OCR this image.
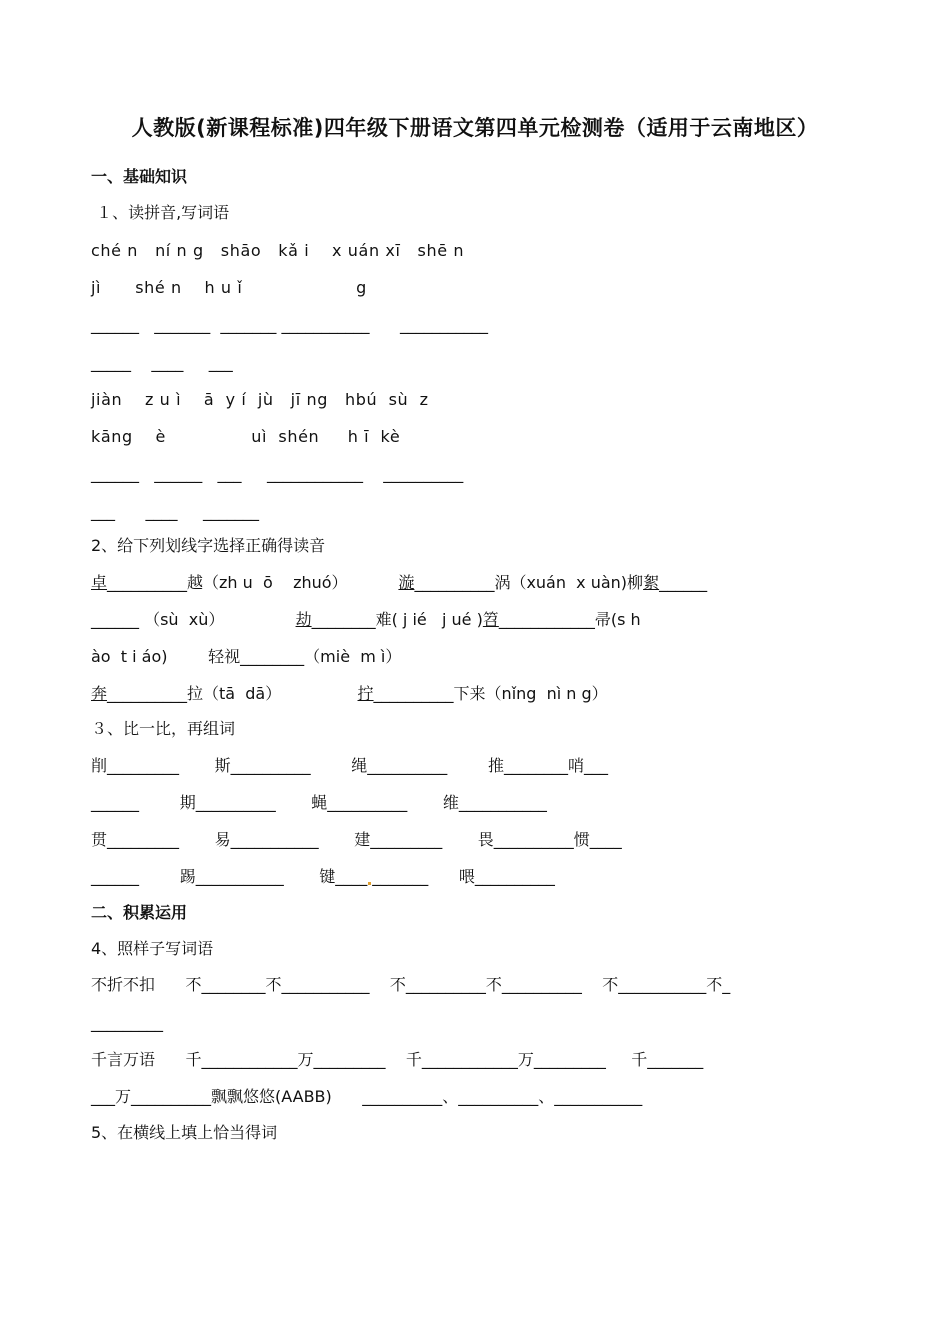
人教版(新课程标准)四年级下册语文第四单元检测卷（适用于云南地区）
一、基础知识
１、读拼音,写词语
ché n   ní n g   shāo   kǎ i    x uán xī   shē n
jì      shé n    h u ǐ                    g
______   _______  _______ ___________      ___________
_____    ____     ___
jiàn    z u ì    ā  y í  jù   jī ng   hbú  sù  z
kāng    è               uì  shén     h ī  kè
______   ______   ___     ____________    __________
___      ____     _______
2、给下列划线字选择正确得读音
卓__________越（zh u  ō    zhuó）          漩__________涡（xuán  x uàn)﻿柳絮______
______ （sù  xù）              劫________难( j ié   j ué )﻿笤____________帚(s h
ào  t i áo)        轻视________（miè  m ì）
奔__________拉（tā  dā）               拧__________下来（nǐng  nì n g）
３、比一比，再组词
削_________       斯__________        绳__________        推________﻿哨___
______        期__________       蝇__________       维___________
贯_________       易___________       建_________       畏__________﻿惯____
______        踢___________       键____ _______      喂__________
二、积累运用
4、照样子写词语
不折不扣      不________不___________    不__________不__________    不___________不_
_________
千言万语      千____________万_________    千____________万_________     千_______
___万__________﻿飘飘悠悠(AABB)      __________、__________、___________
5、在横线上填上恰当得词
